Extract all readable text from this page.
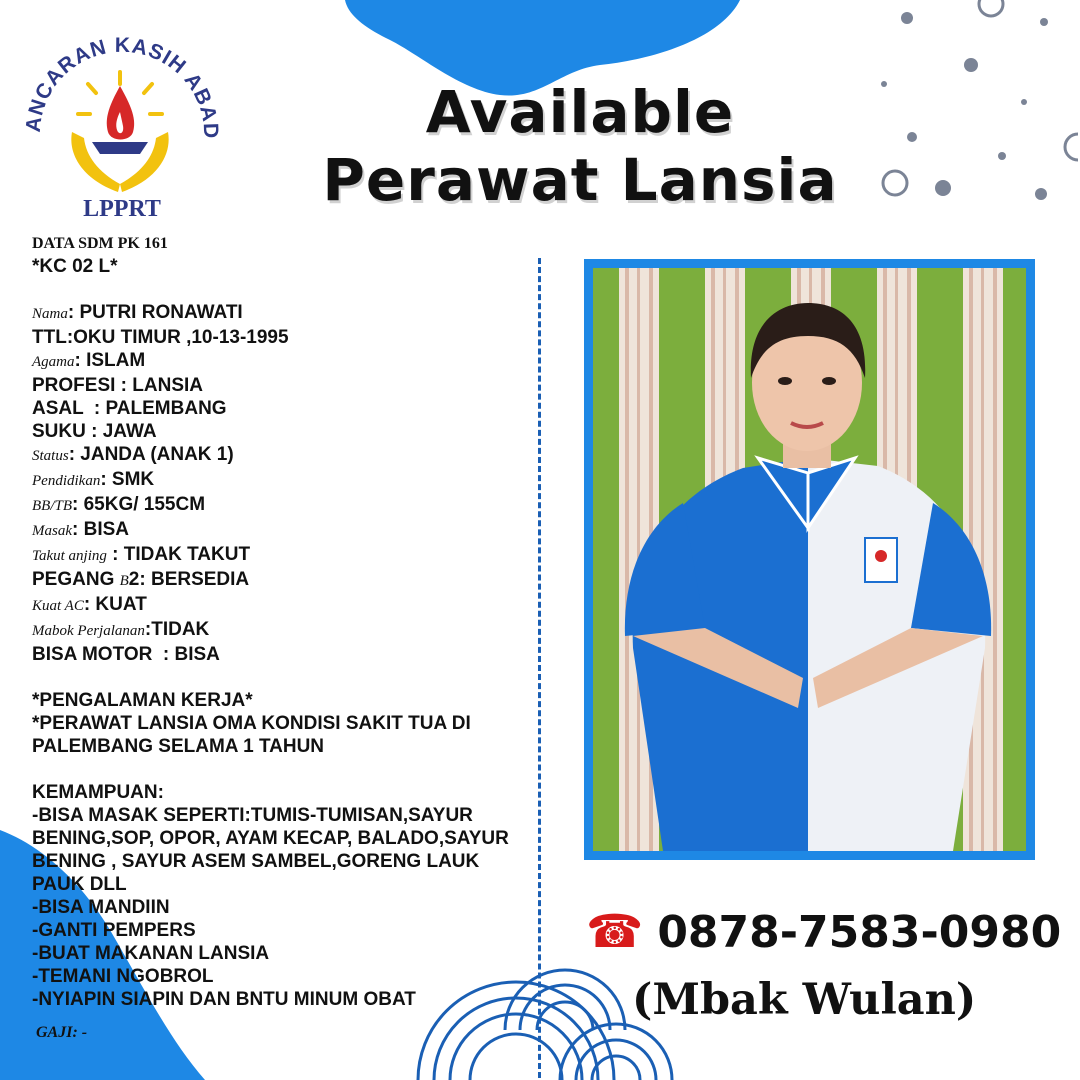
ANCARAN KASIH ABAD
LPPRT
Available
Perawat Lansia
DATA SDM PK 161
*KC 02 L*
Nama: PUTRI RONAWATI
TTL:OKU TIMUR ,10-13-1995
Agama: ISLAM
PROFESI : LANSIA
ASAL  : PALEMBANG
SUKU : JAWA
Status: JANDA (ANAK 1)
Pendidikan: SMK
BB/TB: 65KG/ 155CM
Masak: BISA
Takut anjing : TIDAK TAKUT
PEGANG B2: BERSEDIA
Kuat AC: KUAT
Mabok Perjalanan:TIDAK
BISA MOTOR  : BISA
*PENGALAMAN KERJA*
*PERAWAT LANSIA OMA KONDISI SAKIT TUA DI PALEMBANG SELAMA 1 TAHUN
KEMAMPUAN:
-BISA MASAK SEPERTI:TUMIS-TUMISAN,SAYUR BENING,SOP, OPOR, AYAM KECAP, BALADO,SAYUR BENING , SAYUR ASEM SAMBEL,GORENG LAUK PAUK DLL
-BISA MANDIIN
-GANTI PEMPERS
-BUAT MAKANAN LANSIA
-TEMANI NGOBROL
-NYIAPIN SIAPIN DAN BNTU MINUM OBAT
GAJI: -
☎ 0878-7583-0980
(Mbak Wulan)
